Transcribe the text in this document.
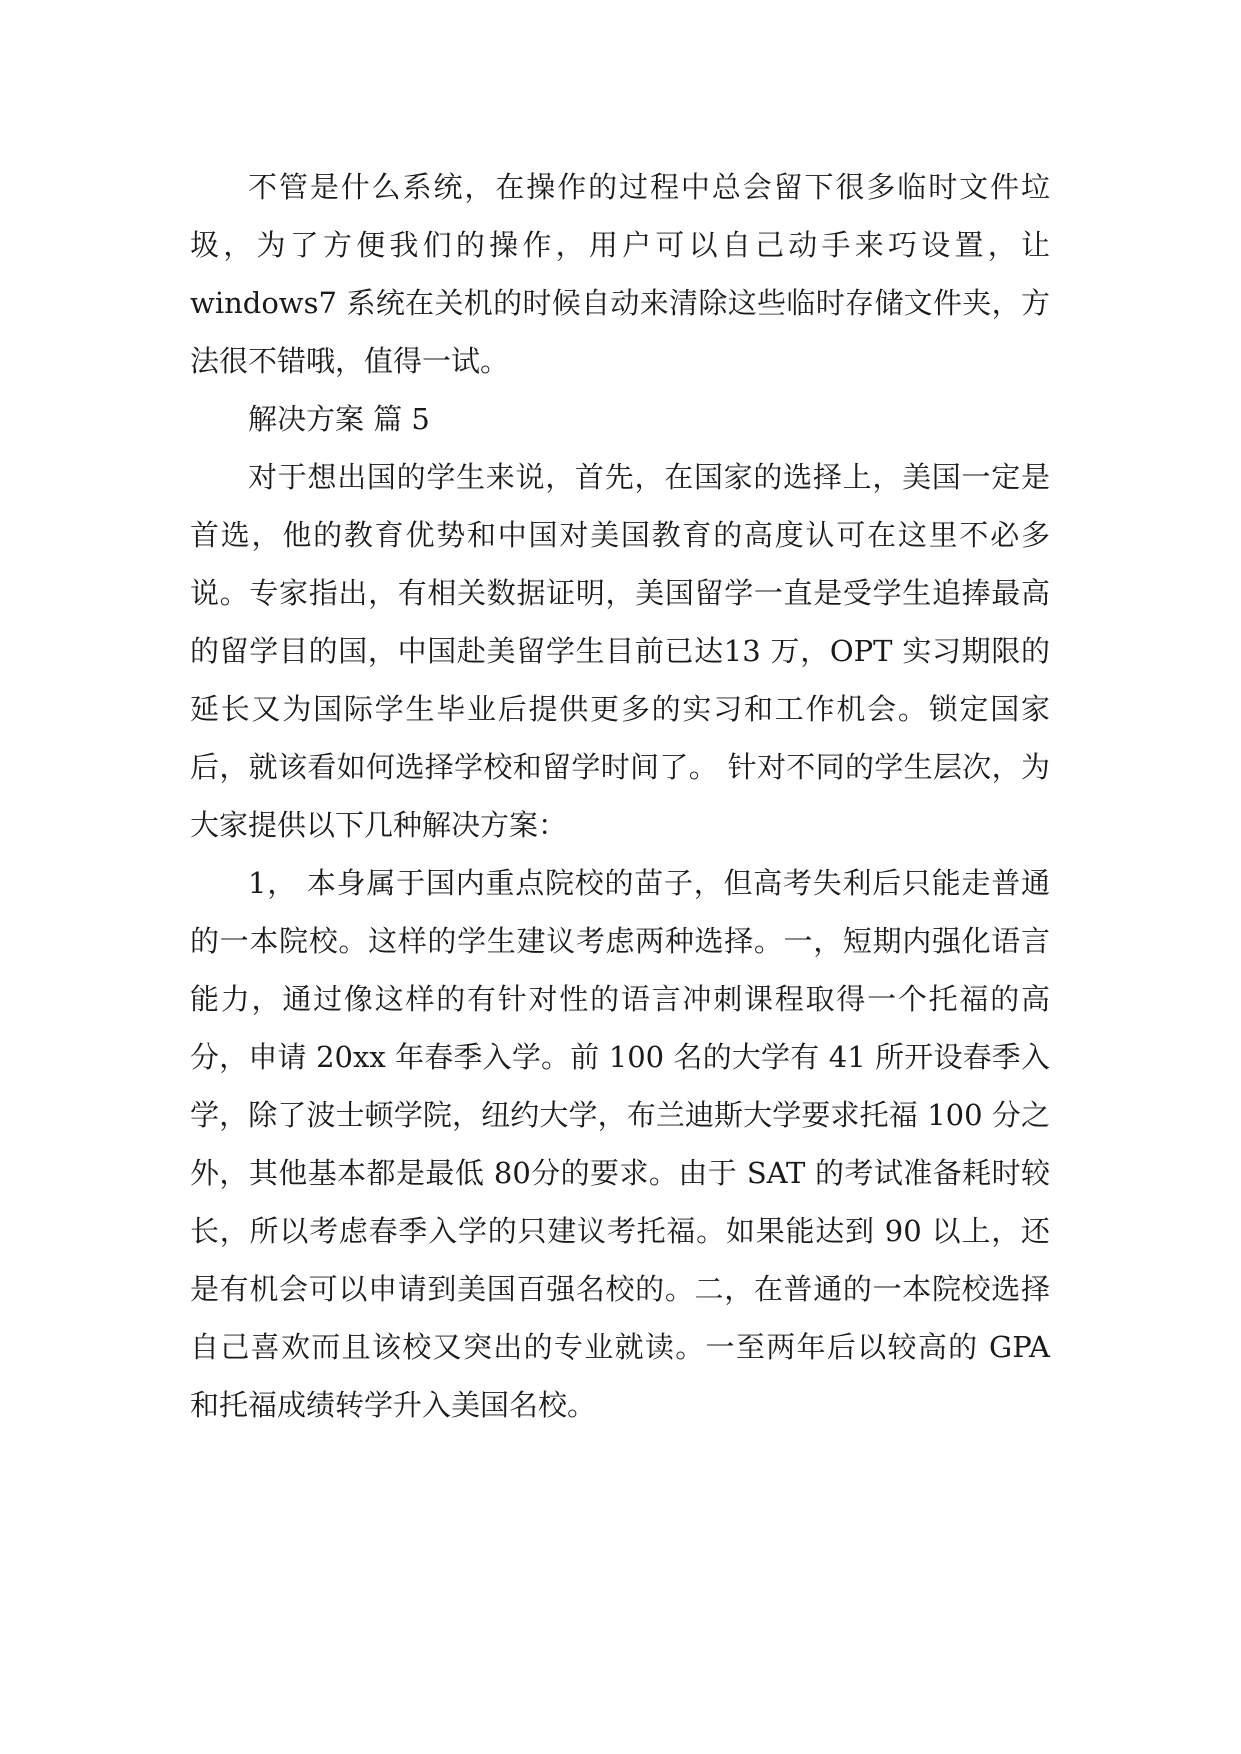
不管是什么系统，在操作的过程中总会留下很多临时文件垃圾，为了方便我们的操作，用户可以自己动手来巧设置，让 windows7 系统在关机的时候自动来清除这些临时存储文件夹，方法很不错哦，值得一试。

解决方案 篇 5

对于想出国的学生来说，首先，在国家的选择上，美国一定是首选，他的教育优势和中国对美国教育的高度认可在这里不必多说。专家指出，有相关数据证明，美国留学一直是受学生追捧最高的留学目的国，中国赴美留学生目前已达13 万，OPT 实习期限的延长又为国际学生毕业后提供更多的实习和工作机会。锁定国家后，就该看如何选择学校和留学时间了。 针对不同的学生层次，为大家提供以下几种解决方案：

1， 本身属于国内重点院校的苗子，但高考失利后只能走普通的一本院校。这样的学生建议考虑两种选择。一，短期内强化语言能力，通过像这样的有针对性的语言冲刺课程取得一个托福的高分，申请 20xx 年春季入学。前 100 名的大学有 41 所开设春季入学，除了波士顿学院，纽约大学，布兰迪斯大学要求托福 100 分之外，其他基本都是最低 80分的要求。由于 SAT 的考试准备耗时较长，所以考虑春季入学的只建议考托福。如果能达到 90 以上，还是有机会可以申请到美国百强名校的。二，在普通的一本院校选择自己喜欢而且该校又突出的专业就读。一至两年后以较高的 GPA 和托福成绩转学升入美国名校。
